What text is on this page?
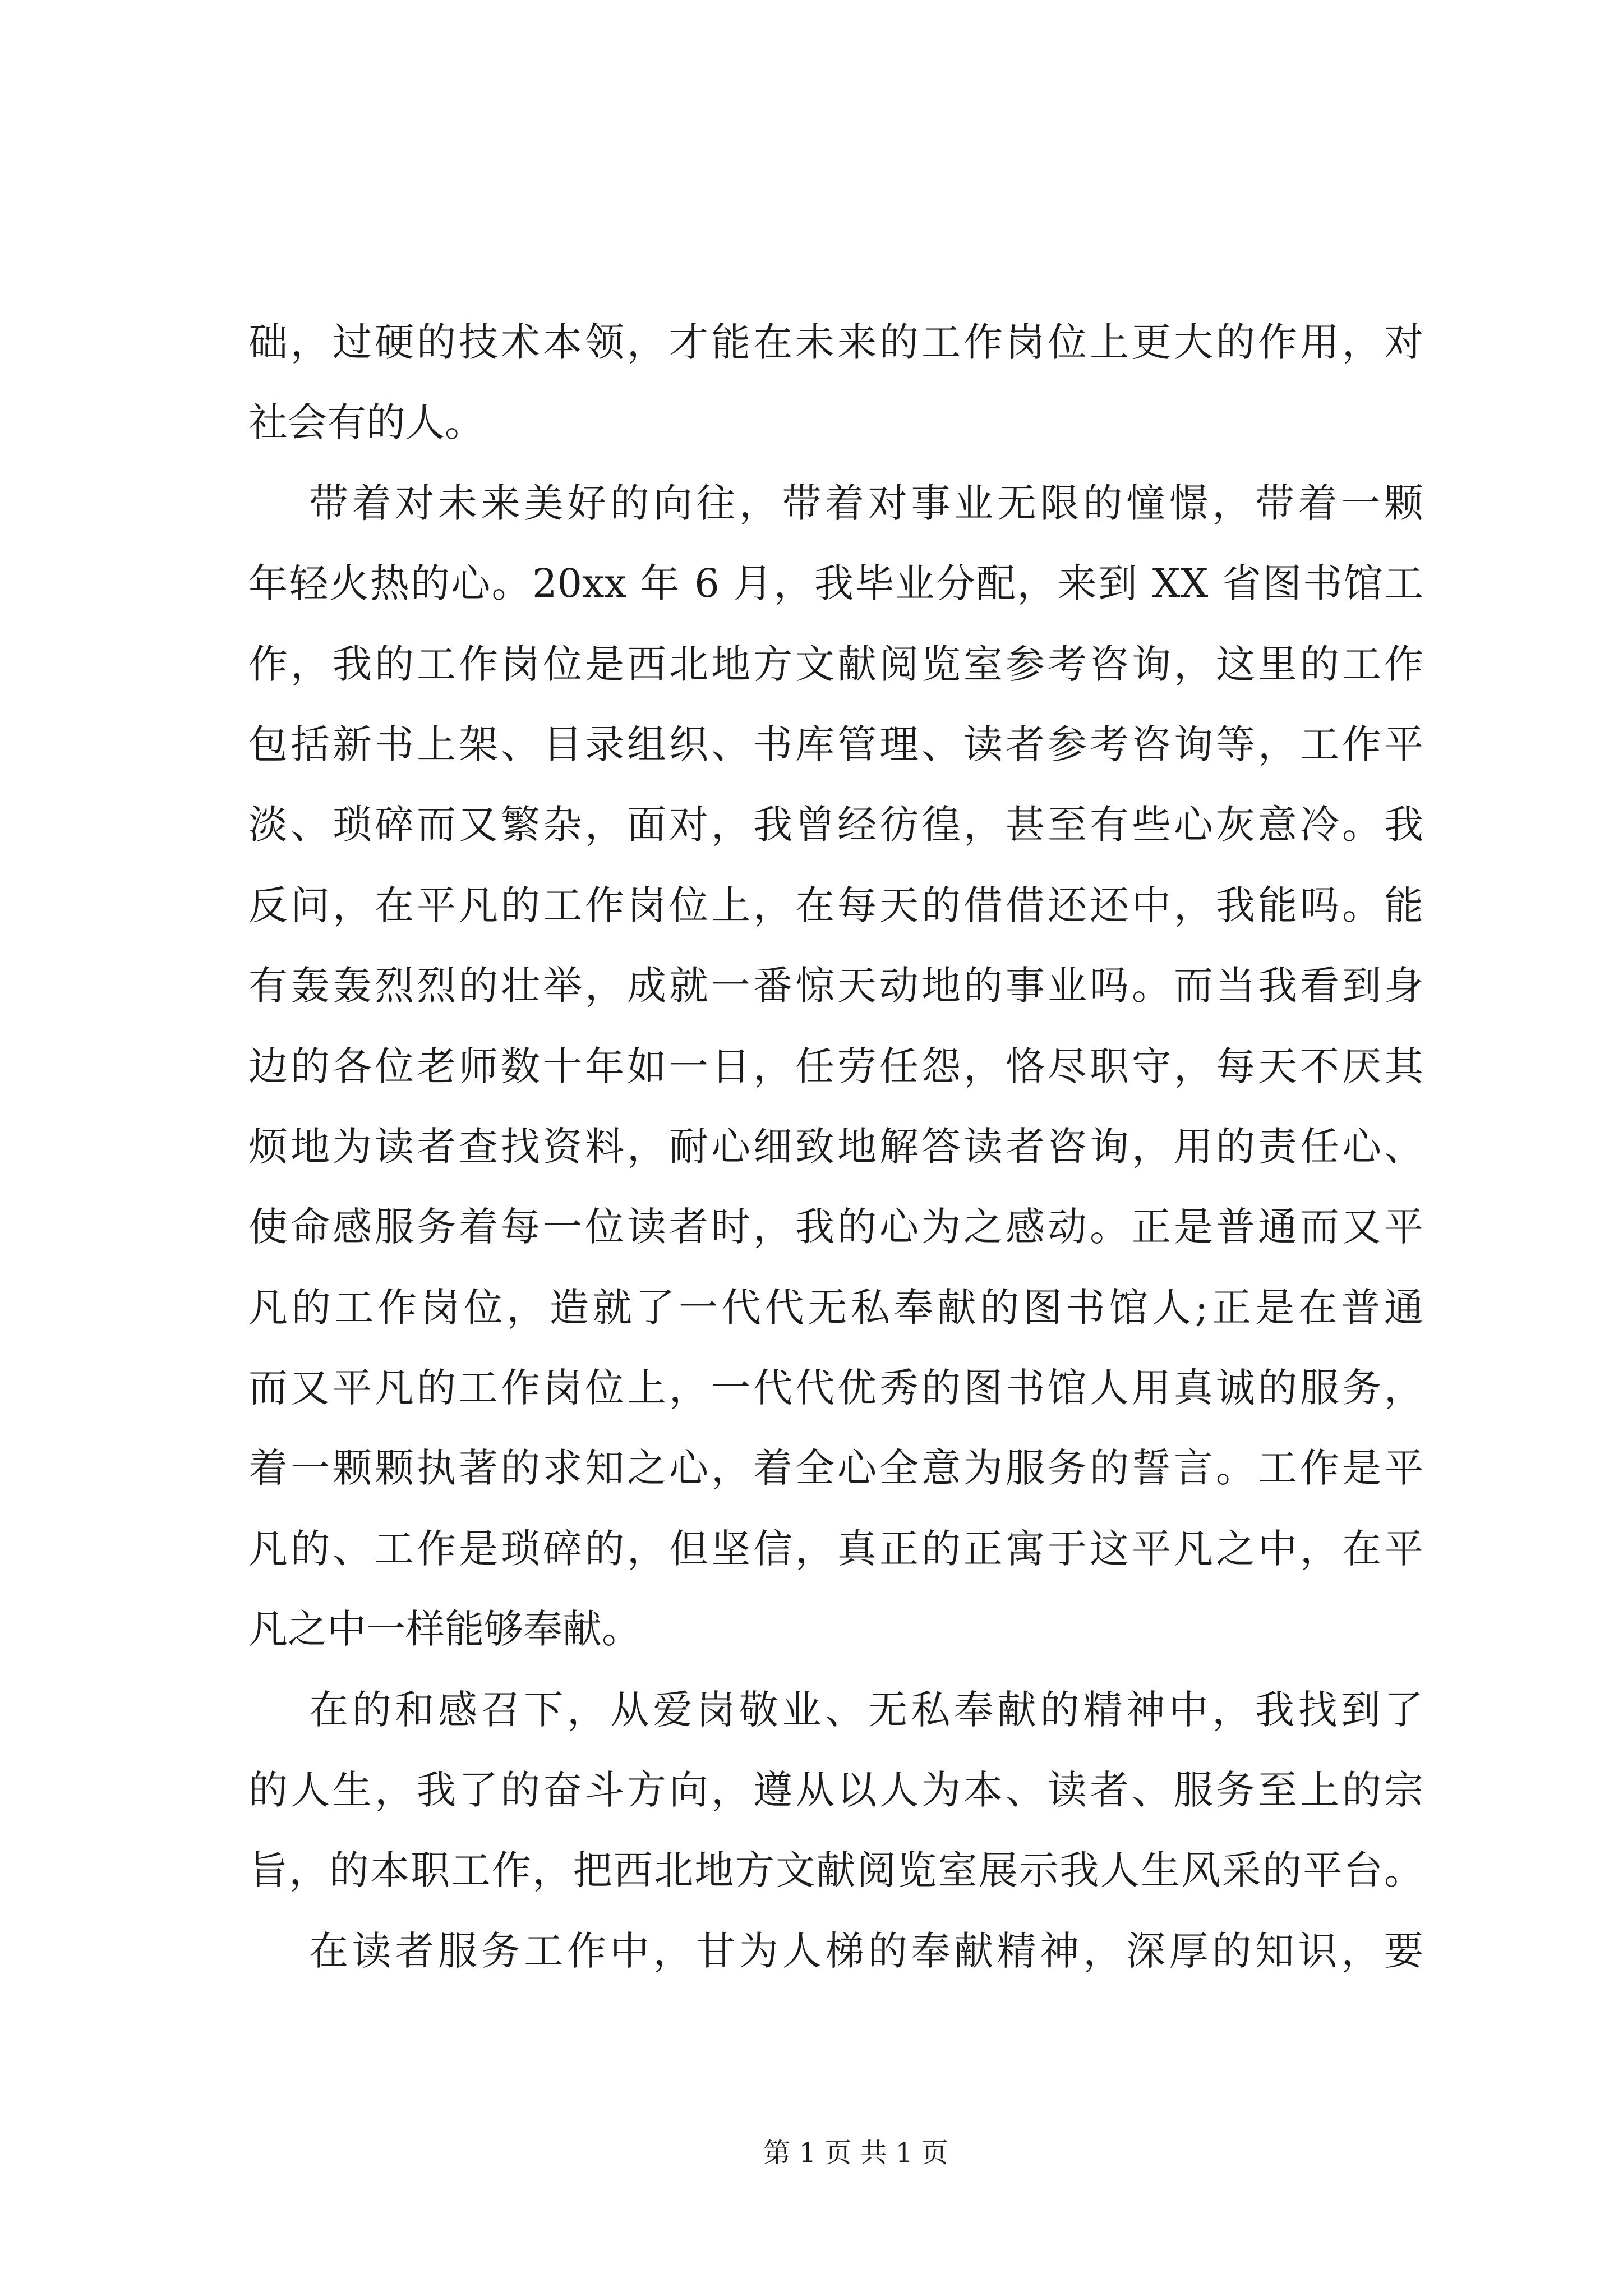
础，过硬的技术本领，才能在未来的工作岗位上更大的作用，对
社会有的人。
带着对未来美好的向往，带着对事业无限的憧憬，带着一颗
年轻火热的心。20xx 年 6 月，我毕业分配，来到 XX 省图书馆工
作，我的工作岗位是西北地方文献阅览室参考咨询，这里的工作
包括新书上架、目录组织、书库管理、读者参考咨询等，工作平
淡、琐碎而又繁杂，面对，我曾经彷徨，甚至有些心灰意冷。我
反问，在平凡的工作岗位上，在每天的借借还还中，我能吗。能
有轰轰烈烈的壮举，成就一番惊天动地的事业吗。而当我看到身
边的各位老师数十年如一日，任劳任怨，恪尽职守，每天不厌其
烦地为读者查找资料，耐心细致地解答读者咨询，用的责任心、
使命感服务着每一位读者时，我的心为之感动。正是普通而又平
凡的工作岗位，造就了一代代无私奉献的图书馆人;正是在普通
而又平凡的工作岗位上，一代代优秀的图书馆人用真诚的服务，
着一颗颗执著的求知之心，着全心全意为服务的誓言。工作是平
凡的、工作是琐碎的，但坚信，真正的正寓于这平凡之中，在平
凡之中一样能够奉献。
在的和感召下，从爱岗敬业、无私奉献的精神中，我找到了
的人生，我了的奋斗方向，遵从以人为本、读者、服务至上的宗
旨，的本职工作，把西北地方文献阅览室展示我人生风采的平台。
在读者服务工作中，甘为人梯的奉献精神，深厚的知识，要
第 1 页 共 1 页
